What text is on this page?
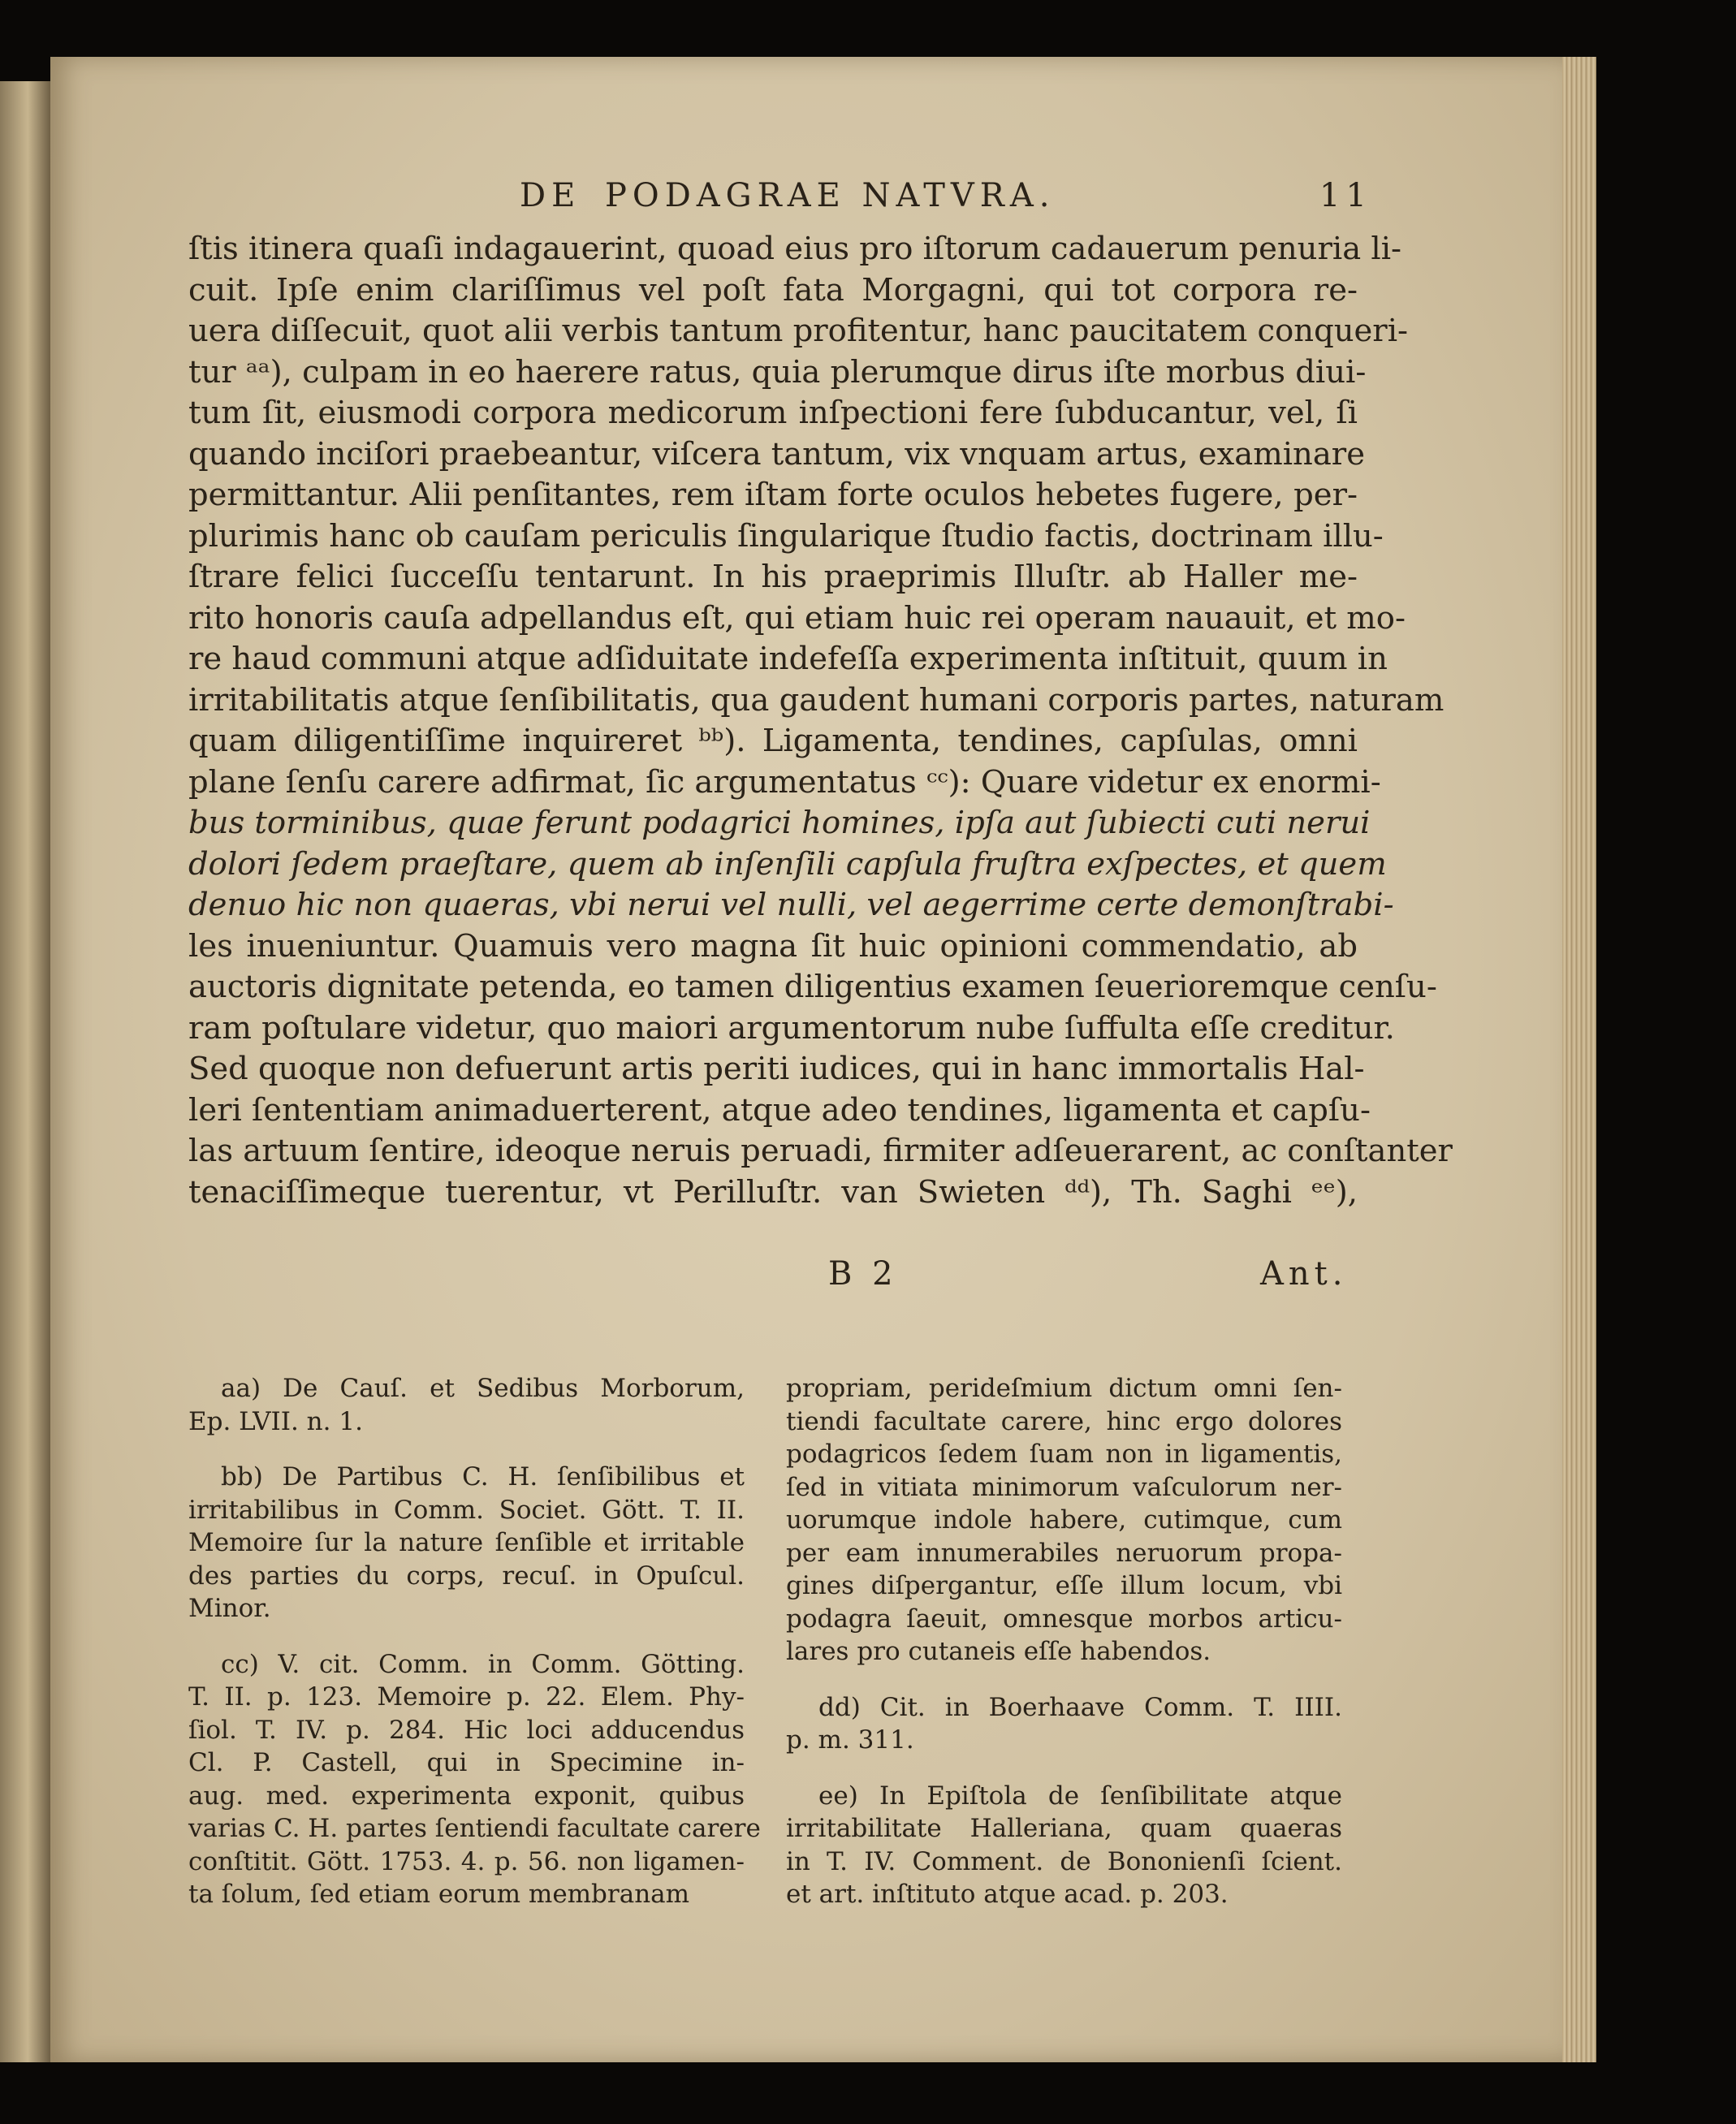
DE PODAGRAE NATVRA.	11
ſtis itinera quaſi indagauerint, quoad eius pro iſtorum cadauerum penuria li-
cuit. Ipſe enim clariſſimus vel poſt fata Morgagni, qui tot corpora re-
uera diſſecuit, quot alii verbis tantum profitentur, hanc paucitatem conqueri-
tur ᵃᵃ), culpam in eo haerere ratus, quia plerumque dirus iſte morbus diui-
tum ſit, eiusmodi corpora medicorum inſpectioni fere ſubducantur, vel, ſi
quando inciſori praebeantur, viſcera tantum, vix vnquam artus, examinare
permittantur. Alii penſitantes, rem iſtam forte oculos hebetes fugere, per-
plurimis hanc ob cauſam periculis ſingularique ſtudio factis, doctrinam illu-
ſtrare felici ſucceſſu tentarunt. In his praeprimis Illuſtr. ab Haller me-
rito honoris cauſa adpellandus eſt, qui etiam huic rei operam nauauit, et mo-
re haud communi atque adſiduitate indefeſſa experimenta inſtituit, quum in
irritabilitatis atque ſenſibilitatis, qua gaudent humani corporis partes, naturam
quam diligentiſſime inquireret ᵇᵇ). Ligamenta, tendines, capſulas, omni
plane ſenſu carere adfirmat, ſic argumentatus ᶜᶜ): Quare videtur ex enormi-
bus torminibus, quae ferunt podagrici homines, ipſa aut ſubiecti cuti nerui
dolori ſedem praeſtare, quem ab inſenſili capſula fruſtra exſpectes, et quem
denuo hic non quaeras, vbi nerui vel nulli, vel aegerrime certe demonſtrabi-
les inueniuntur. Quamuis vero magna ſit huic opinioni commendatio, ab
auctoris dignitate petenda, eo tamen diligentius examen ſeuerioremque cenſu-
ram poſtulare videtur, quo maiori argumentorum nube ſuffulta eſſe creditur.
Sed quoque non defuerunt artis periti iudices, qui in hanc immortalis Hal-
leri ſententiam animaduerterent, atque adeo tendines, ligamenta et capſu-
las artuum ſentire, ideoque neruis peruadi, firmiter adſeuerarent, ac conſtanter
tenaciſſimeque tuerentur, vt Perilluſtr. van Swieten ᵈᵈ), Th. Saghi ᵉᵉ),
B 2	Ant.
aa) De Cauſ. et Sedibus Morborum,
Ep. LVII. n. 1.
bb) De Partibus C. H. ſenſibilibus et
irritabilibus in Comm. Societ. Gött. T. II.
Memoire ſur la nature ſenſible et irritable
des parties du corps, recuſ. in Opuſcul.
Minor.
cc) V. cit. Comm. in Comm. Götting.
T. II. p. 123. Memoire p. 22. Elem. Phy-
ſiol. T. IV. p. 284. Hic loci adducendus
Cl. P. Castell, qui in Specimine in-
aug. med. experimenta exponit, quibus
varias C. H. partes ſentiendi facultate carere
conſtitit. Gött. 1753. 4. p. 56. non ligamen-
ta ſolum, ſed etiam eorum membranam
propriam, perideſmium dictum omni ſen-
tiendi facultate carere, hinc ergo dolores
podagricos ſedem ſuam non in ligamentis,
ſed in vitiata minimorum vaſculorum ner-
uorumque indole habere, cutimque, cum
per eam innumerabiles neruorum propa-
gines diſpergantur, eſſe illum locum, vbi
podagra ſaeuit, omnesque morbos articu-
lares pro cutaneis eſſe habendos.
dd) Cit. in Boerhaave Comm. T. IIII.
p. m. 311.
ee) In Epiſtola de ſenſibilitate atque
irritabilitate Halleriana, quam quaeras
in T. IV. Comment. de Bononienſi ſcient.
et art. inſtituto atque acad. p. 203.
